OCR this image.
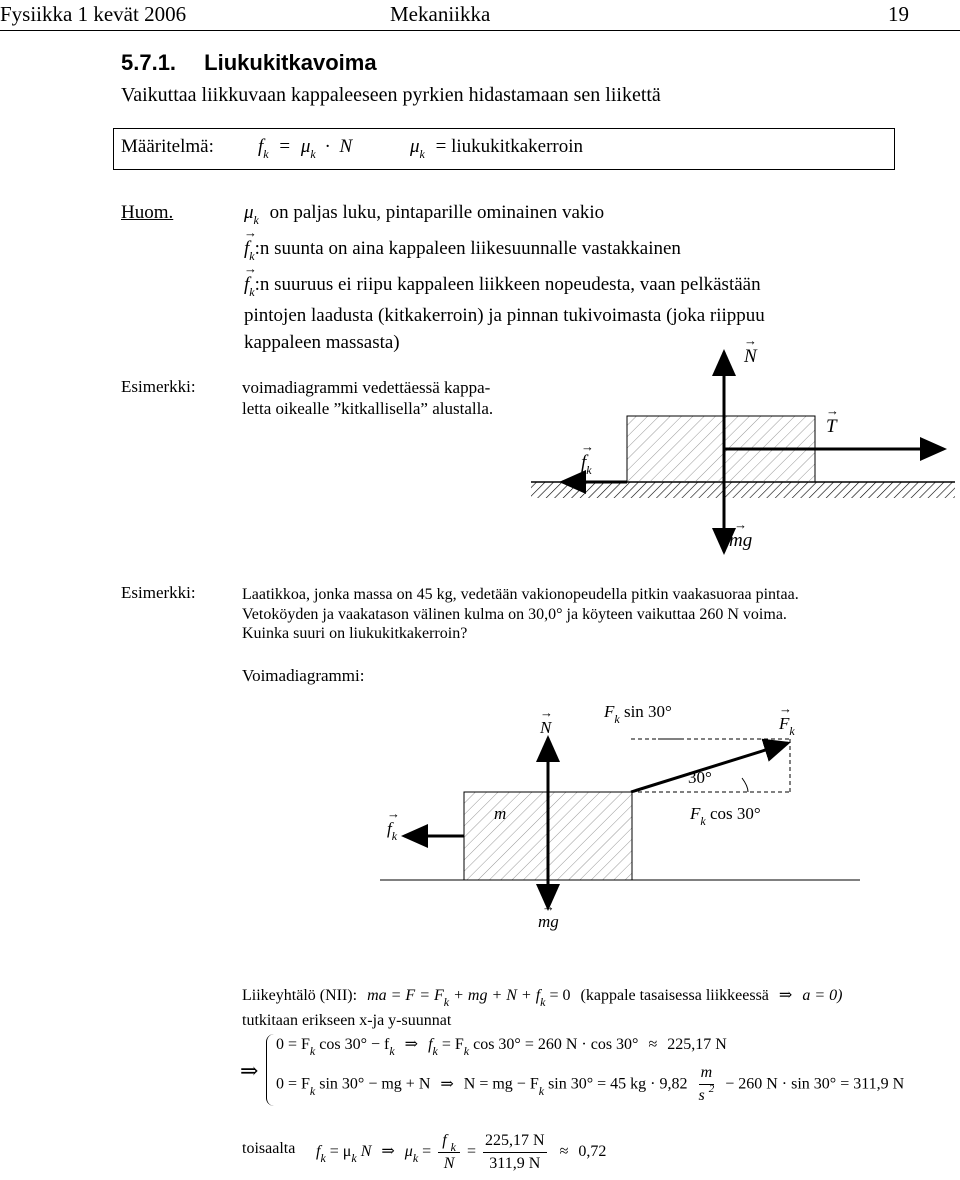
Fysiikka 1 kevät 2006	Mekaniikka	19
5.7.1. Liukukitkavoima
Vaikuttaa liikkuvaan kappaleeseen pyrkien hidastamaan sen liikettä
Määritelmä: $f_k = \mu_k \cdot N$	$\mu_k$ = liukukitkakerroin
Huom.	$\mu_k$ on paljas luku, pintaparille ominainen vakio
→ $f_k:n$ suunta on aina kappaleen liikesuunnalle vastakkainen
→ $f_k:n$ suuruus ei riipu kappaleen liikkeen nopeudesta, vaan pelkästään
pintojen laadusta (kitkakerroin) ja pinnan tukivoimasta (joka riippuu
kappaleen massasta)
Esimerkki:	voimadiagrammi vedettäessä kappa-
letta oikealle ”kitkallisella” alustalla.
→ N
→ T
→ $f_k$
→ mg
Esimerkki:	Laatikkoa, jonka massa on 45 kg, vedetään vakionopeudella pitkin vaakasuoraa pintaa.
Vetoköyden ja vaakatason välinen kulma on 30,0° ja köyteen vaikuttaa 260 N voima.
Kuinka suuri on liukukitkakerroin?
Voimadiagrammi:
→ N
$F_k$ sin 30°
→ $F_k$
30°
m	$F_k$ cos 30°
→ $f_k$
→ mg
Liikeyhtälö (NII): ma = $F = F_k$ + mg + $N + f_k = 0$ (kappale tasaisessa liikkeessä ⇒ a = 0)
tutkitaan erikseen x-ja y-suunnat
⇒
$0 = F_k$ $\cos 30^\circ - f_k$ ⇒ $f_k = F_k$ cos 30° = 260 N · cos 30° ≈ 225,17 N
$0 = F_k$ sin 30° − mg + N ⇒ N = mg − $F_k$ sin 30° = 45 kg · $9,82 \frac{m}{s ^2} - 260$ N · sin 30° = 311,9 N
toisaalta $f_k = \mu_k$ N ⇒ $\mu_k = \frac{f _k}{N} = \frac{225,17 N}{311,9 N} \approx 0,72$
